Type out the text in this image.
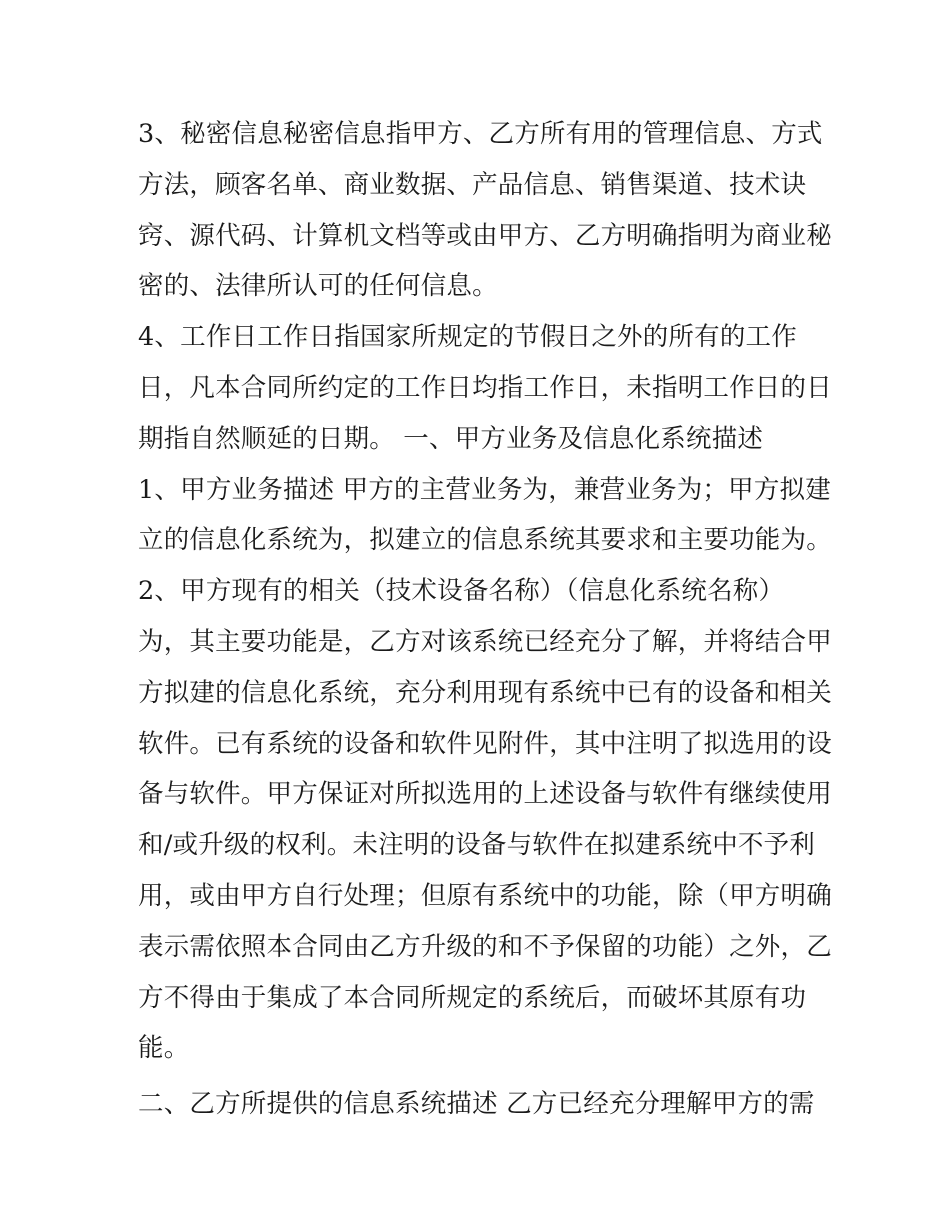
3、秘密信息秘密信息指甲方、乙方所有用的管理信息、方式
方法，顾客名单、商业数据、产品信息、销售渠道、技术诀
窍、源代码、计算机文档等或由甲方、乙方明确指明为商业秘
密的、法律所认可的任何信息。
4、工作日工作日指国家所规定的节假日之外的所有的工作
日，凡本合同所约定的工作日均指工作日，未指明工作日的日
期指自然顺延的日期。 一、甲方业务及信息化系统描述
1、甲方业务描述 甲方的主营业务为，兼营业务为；甲方拟建
立的信息化系统为，拟建立的信息系统其要求和主要功能为。
2、甲方现有的相关（技术设备名称）（信息化系统名称）
为，其主要功能是，乙方对该系统已经充分了解，并将结合甲
方拟建的信息化系统，充分利用现有系统中已有的设备和相关
软件。已有系统的设备和软件见附件，其中注明了拟选用的设
备与软件。甲方保证对所拟选用的上述设备与软件有继续使用
和/或升级的权利。未注明的设备与软件在拟建系统中不予利
用，或由甲方自行处理；但原有系统中的功能，除（甲方明确
表示需依照本合同由乙方升级的和不予保留的功能）之外，乙
方不得由于集成了本合同所规定的系统后，而破坏其原有功
能。
二、乙方所提供的信息系统描述 乙方已经充分理解甲方的需
